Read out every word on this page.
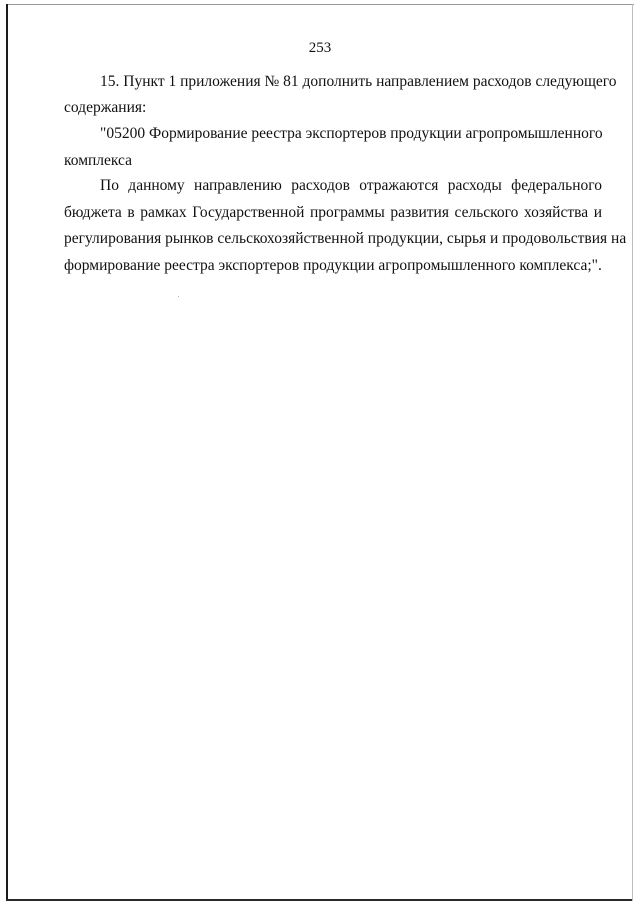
253
15. Пункт 1 приложения № 81 дополнить направлением расходов следующего
содержания:
"05200 Формирование реестра экспортеров продукции агропромышленного
комплекса
По данному направлению расходов отражаются расходы федерального
бюджета в рамках Государственной программы развития сельского хозяйства и
регулирования рынков сельскохозяйственной продукции, сырья и продовольствия на
формирование реестра экспортеров продукции агропромышленного комплекса;".
